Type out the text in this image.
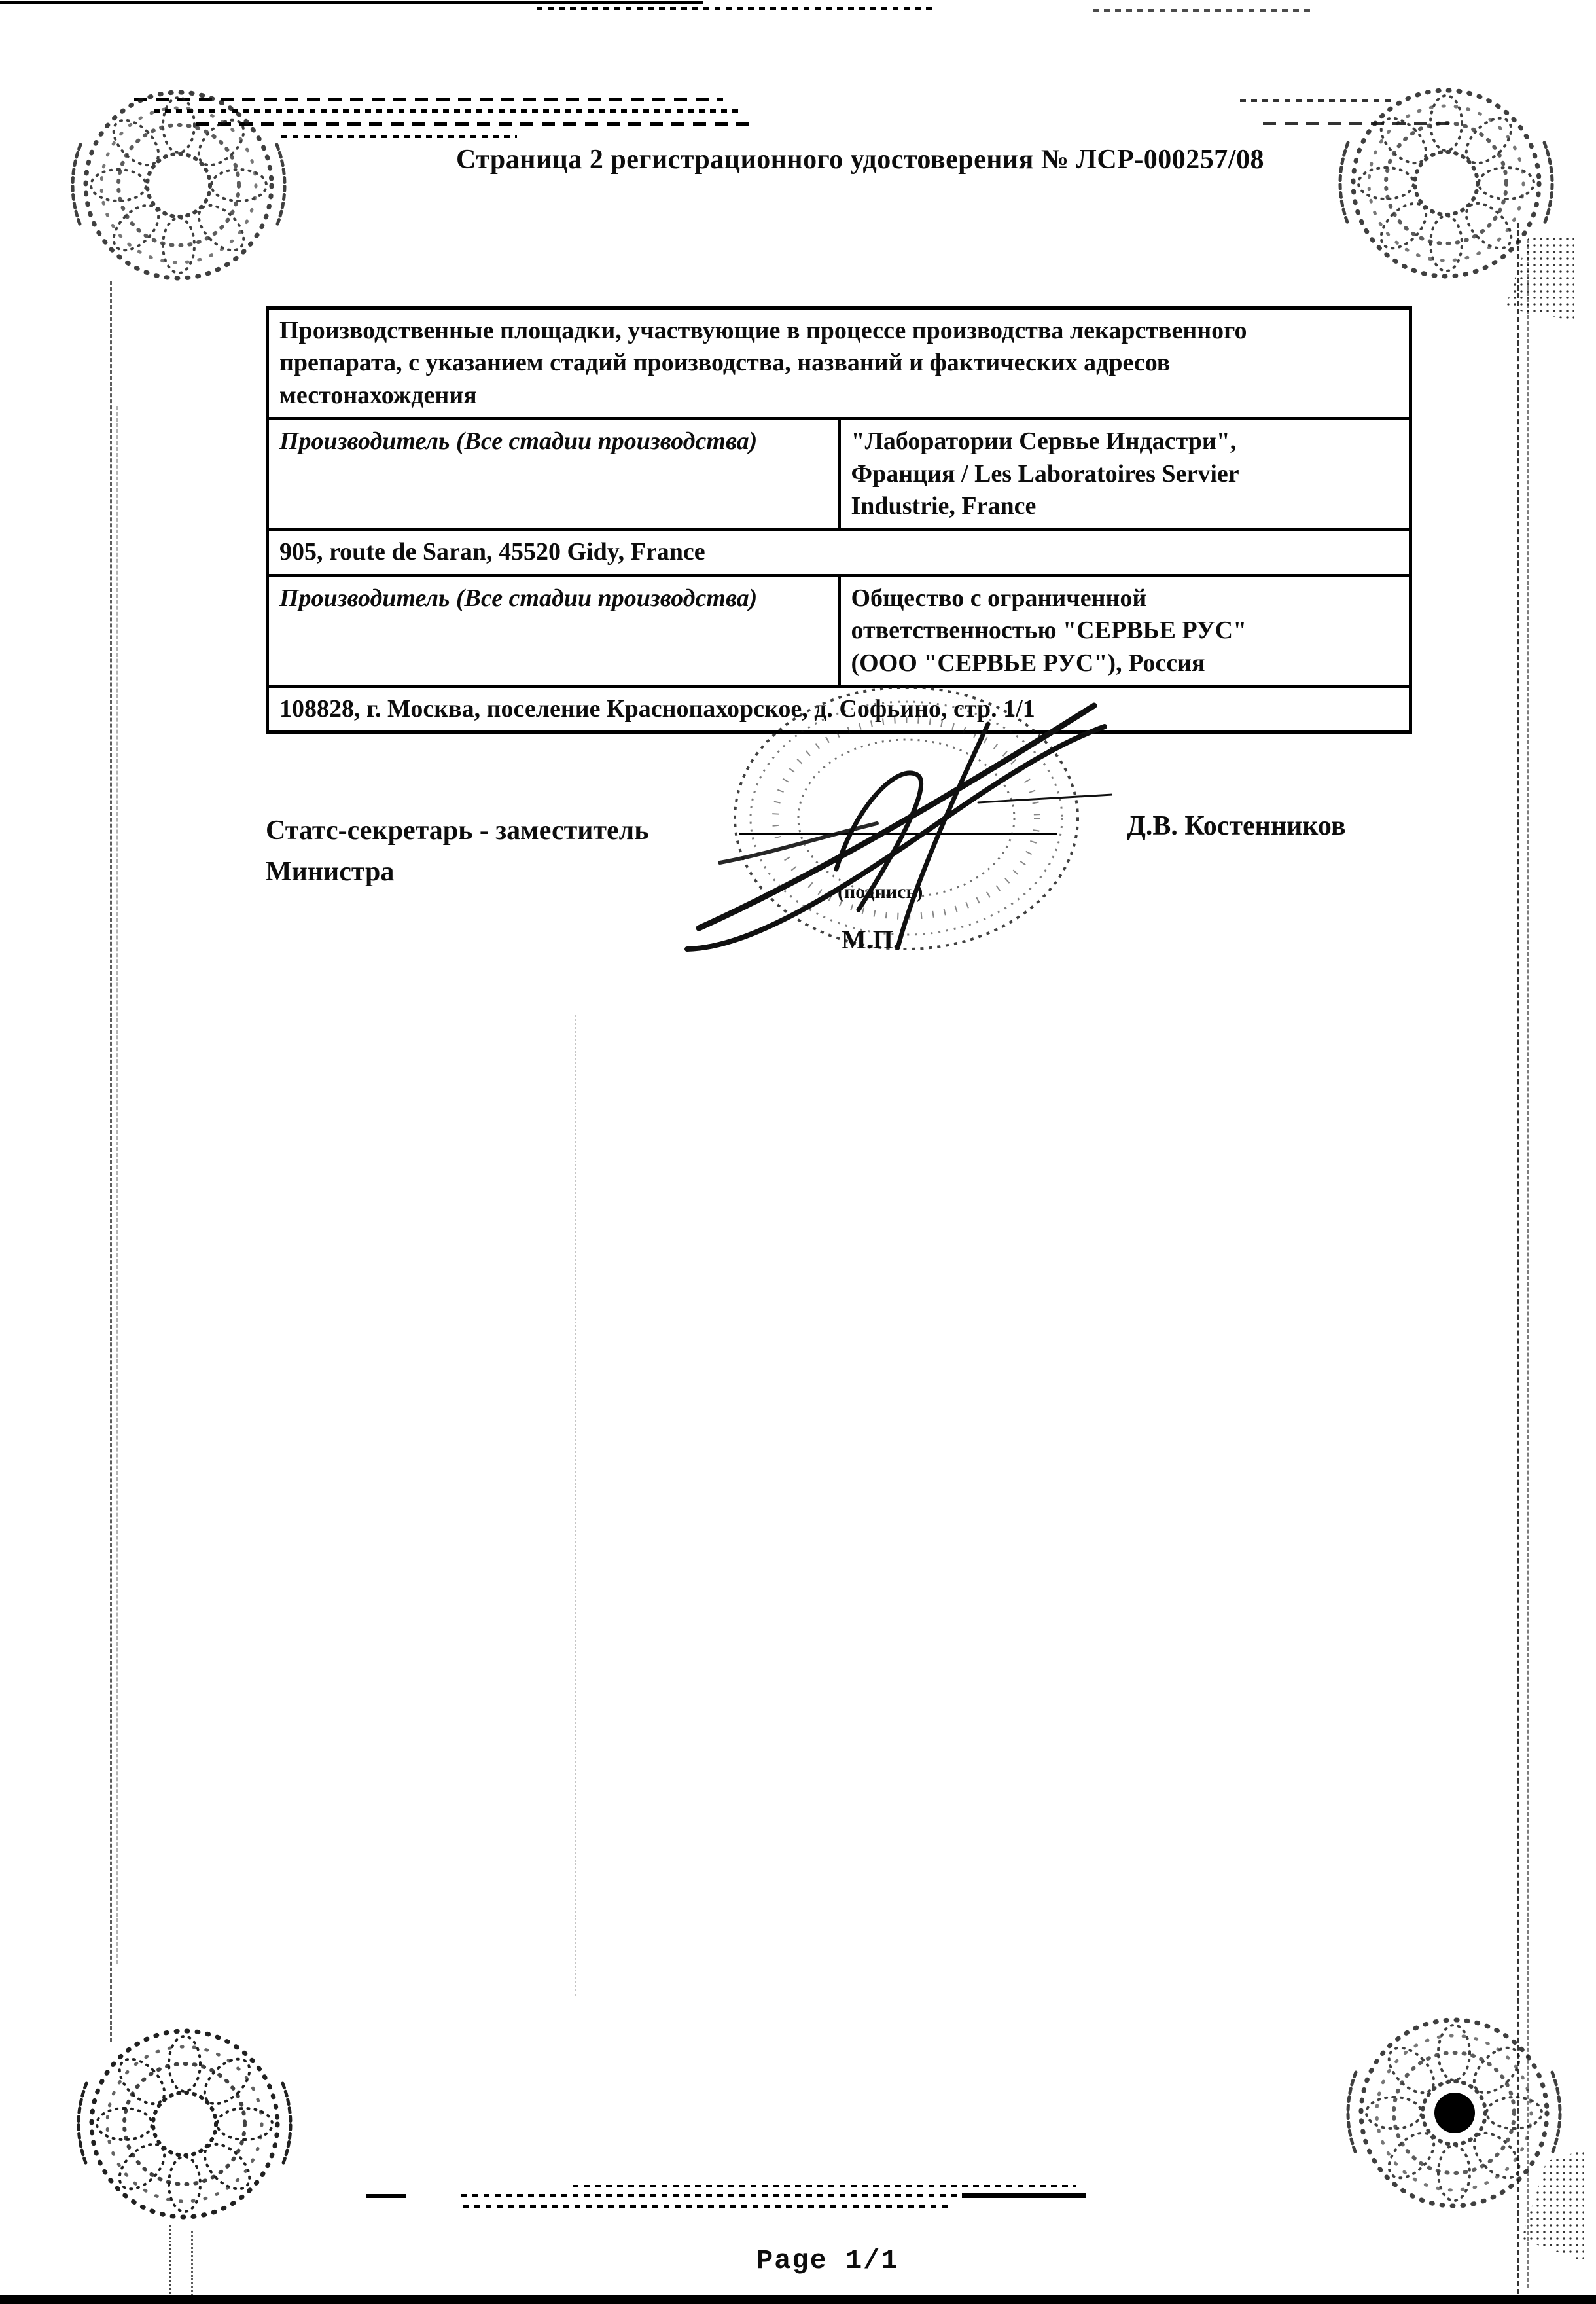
Страница 2 регистрационного удостоверения № ЛСР-000257/08
Производственные площадки, участвующие в процессе производства лекарственного препарата, с указанием стадий производства, названий и фактических адресов местонахождения	

Производитель (Все стадии производства)	"Лаборатории Сервье Индастри", Франция / Les Laboratoires Servier Industrie, France

905, route de Saran, 45520 Gidy, France	
Производитель (Все стадии производства)	Общество с ограниченной ответственностью "СЕРВЬЕ РУС" (ООО "СЕРВЬЕ РУС"), Россия

108828, г. Москва, поселение Краснопахорское, д. Софьино, стр. 1/1	
Статс-секретарь - заместитель Министра
Д.В. Костенников
(подпись)
М.П.
Page 1/1
